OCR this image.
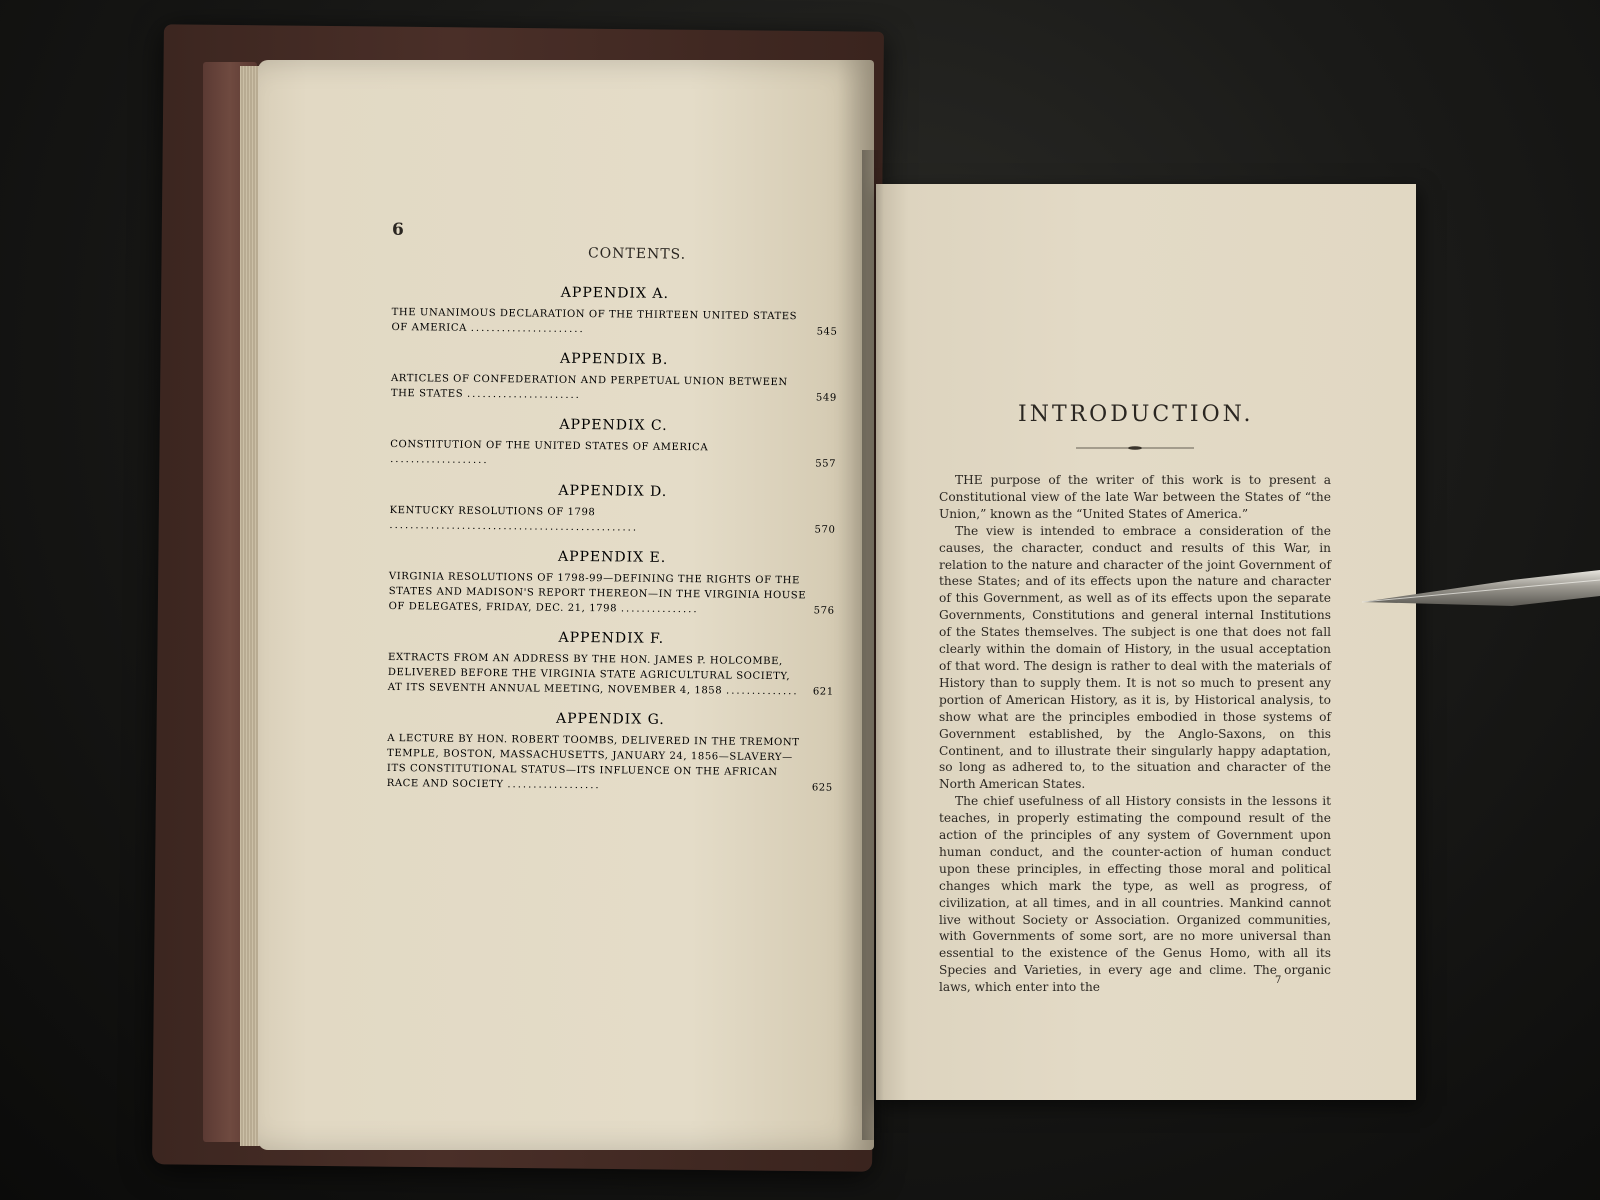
6
CONTENTS.
APPENDIX A.
THE UNANIMOUS DECLARATION OF THE THIRTEEN UNITED STATES OF AMERICA ......................	545
APPENDIX B.
ARTICLES OF CONFEDERATION AND PERPETUAL UNION BETWEEN THE STATES ......................	549
APPENDIX C.
CONSTITUTION OF THE UNITED STATES OF AMERICA ...................	557
APPENDIX D.
KENTUCKY RESOLUTIONS OF 1798 ................................................	570
APPENDIX E.
VIRGINIA RESOLUTIONS OF 1798-99—DEFINING THE RIGHTS OF THE STATES AND MADISON'S REPORT THEREON—IN THE VIRGINIA HOUSE OF DELEGATES, FRIDAY, DEC. 21, 1798 ...............	576
APPENDIX F.
EXTRACTS FROM AN ADDRESS BY THE HON. JAMES P. HOLCOMBE, DELIVERED BEFORE THE VIRGINIA STATE AGRICULTURAL SOCIETY, AT ITS SEVENTH ANNUAL MEETING, NOVEMBER 4, 1858 .............. 621
APPENDIX G.
A LECTURE BY HON. ROBERT TOOMBS, DELIVERED IN THE TREMONT TEMPLE, BOSTON, MASSACHUSETTS, JANUARY 24, 1856—SLAVERY—ITS CONSTITUTIONAL STATUS—ITS INFLUENCE ON THE AFRICAN RACE AND SOCIETY ..................	625
INTRODUCTION.

THE purpose of the writer of this work is to present a Constitutional view of the late War between the States of “the Union,” known as the “United States of America.”

The view is intended to embrace a consideration of the causes, the character, conduct and results of this War, in relation to the nature and character of the joint Government of these States; and of its effects upon the nature and character of this Government, as well as of its effects upon the separate Governments, Constitutions and general internal Institutions of the States themselves. The subject is one that does not fall clearly within the domain of History, in the usual acceptation of that word. The design is rather to deal with the materials of History than to supply them. It is not so much to present any portion of American History, as it is, by Historical analysis, to show what are the principles embodied in those systems of Government established, by the Anglo-Saxons, on this Continent, and to illustrate their singularly happy adaptation, so long as adhered to, to the situation and character of the North American States.

The chief usefulness of all History consists in the lessons it teaches, in properly estimating the compound result of the action of the principles of any system of Government upon human conduct, and the counter-action of human conduct upon these principles, in effecting those moral and political changes which mark the type, as well as progress, of civilization, at all times, and in all countries. Mankind cannot live without Society or Association. Organized communities, with Governments of some sort, are no more universal than essential to the existence of the Genus Homo, with all its Species and Varieties, in every age and clime. The organic laws, which enter into the	7
